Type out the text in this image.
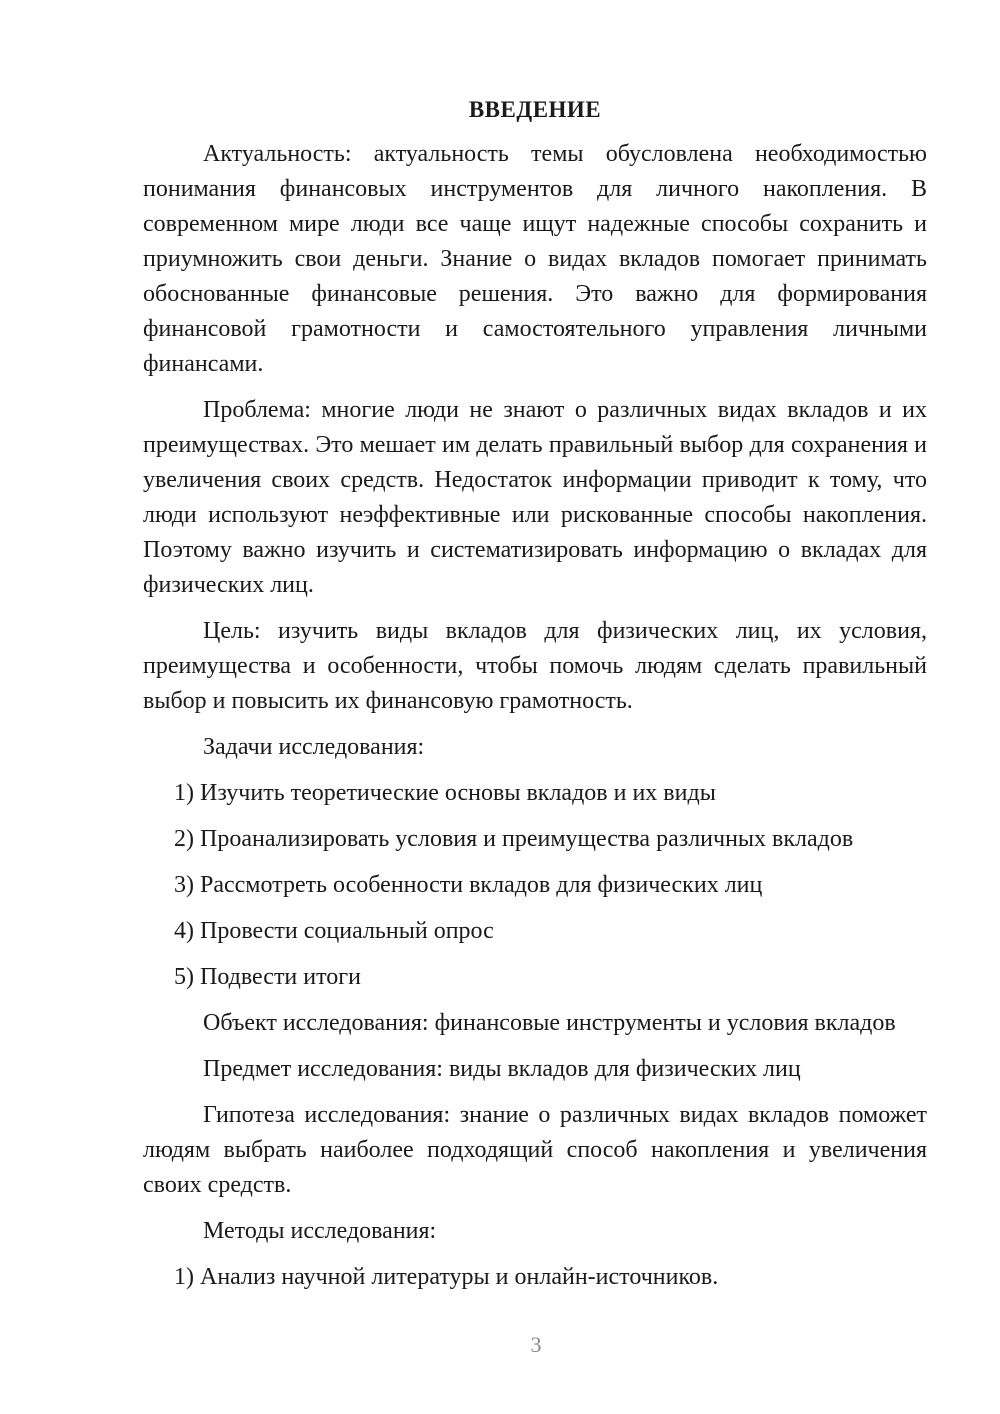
ВВЕДЕНИЕ

Актуальность: актуальность темы обусловлена необходимостью понимания финансовых инструментов для личного накопления. В современном мире люди все чаще ищут надежные способы сохранить и приумножить свои деньги. Знание о видах вкладов помогает принимать обоснованные финансовые решения. Это важно для формирования финансовой грамотности и самостоятельного управления личными финансами.

Проблема: многие люди не знают о различных видах вкладов и их преимуществах. Это мешает им делать правильный выбор для сохранения и увеличения своих средств. Недостаток информации приводит к тому, что люди используют неэффективные или рискованные способы накопления. Поэтому важно изучить и систематизировать информацию о вкладах для физических лиц.

Цель: изучить виды вкладов для физических лиц, их условия, преимущества и особенности, чтобы помочь людям сделать правильный выбор и повысить их финансовую грамотность.

Задачи исследования:
1) Изучить теоретические основы вкладов и их виды
2) Проанализировать условия и преимущества различных вкладов
3) Рассмотреть особенности вкладов для физических лиц
4) Провести социальный опрос
5) Подвести итоги
Объект исследования: финансовые инструменты и условия вкладов
Предмет исследования: виды вкладов для физических лиц

Гипотеза исследования: знание о различных видах вкладов поможет людям выбрать наиболее подходящий способ накопления и увеличения своих средств.

Методы исследования:
1) Анализ научной литературы и онлайн-источников.
3
